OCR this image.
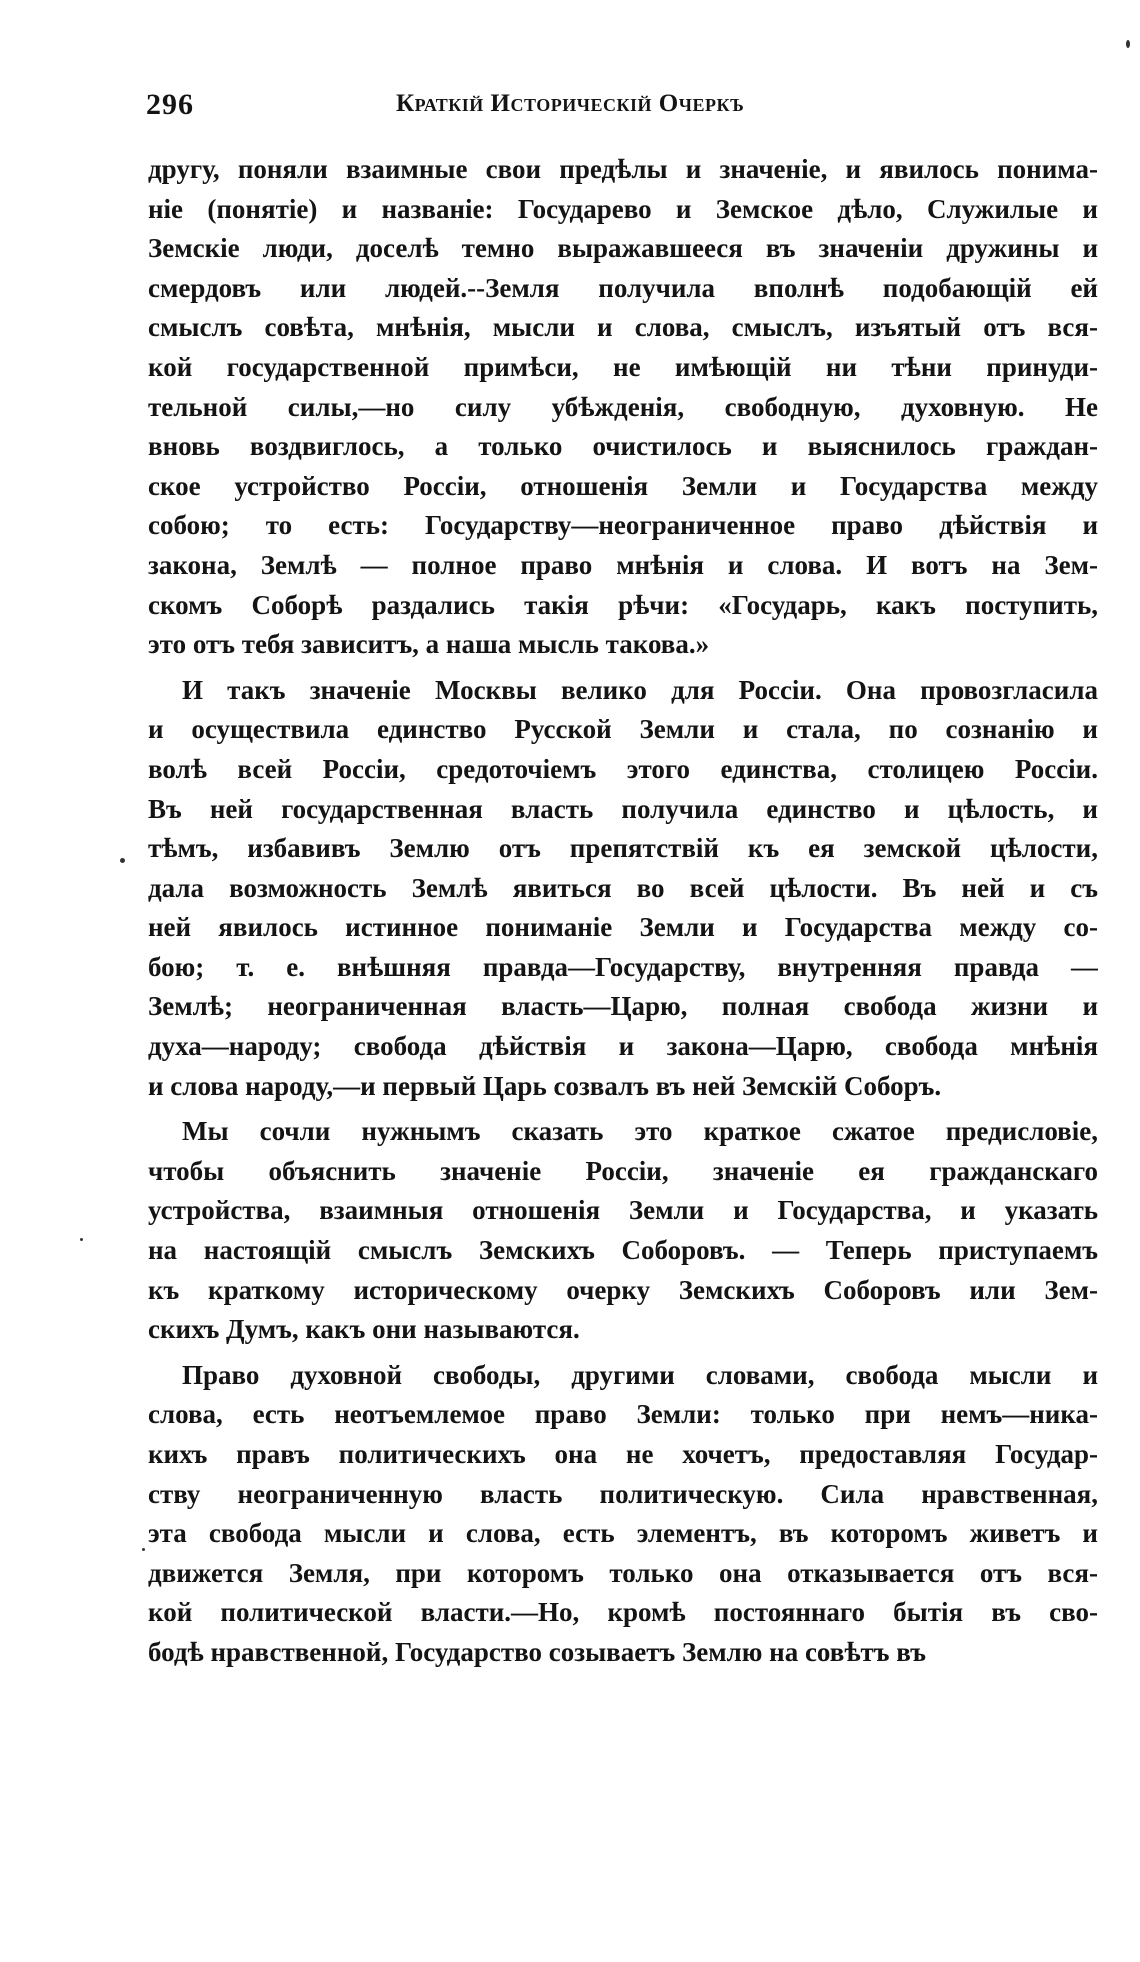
296	Краткій Историческій Очеркъ
другу, поняли взаимные свои предѣлы и значеніе, и явилось понима-
ніе (понятіе) и названіе: Государево и Земское дѣло, Служилые и
Земскіе люди, доселѣ темно выражавшееся въ значеніи дружины и
смердовъ или людей.--Земля получила вполнѣ подобающій ей
смыслъ совѣта, мнѣнія, мысли и слова, смыслъ, изъятый отъ вся-
кой государственной примѣси, не имѣющій ни тѣни принуди-
тельной силы,—но силу убѣжденія, свободную, духовную. Не
вновь воздвиглось, а только очистилось и выяснилось граждан-
ское устройство Россіи, отношенія Земли и Государства между
собою; то есть: Государству—неограниченное право дѣйствія и
закона, Землѣ — полное право мнѣнія и слова. И вотъ на Зем-
скомъ Соборѣ раздались такія рѣчи: «Государь, какъ поступить,
это отъ тебя зависитъ, а наша мысль такова.»
И такъ значеніе Москвы велико для Россіи. Она провозгласила
и осуществила единство Русской Земли и стала, по сознанію и
волѣ всей Россіи, средоточіемъ этого единства, столицею Россіи.
Въ ней государственная власть получила единство и цѣлость, и
тѣмъ, избавивъ Землю отъ препятствій къ ея земской цѣлости,
дала возможность Землѣ явиться во всей цѣлости. Въ ней и съ
ней явилось истинное пониманіе Земли и Государства между со-
бою; т. е. внѣшняя правда—Государству, внутренняя правда —
Землѣ; неограниченная власть—Царю, полная свобода жизни и
духа—народу; свобода дѣйствія и закона—Царю, свобода мнѣнія
и слова народу,—и первый Царь созвалъ въ ней Земскій Соборъ.
Мы сочли нужнымъ сказать это краткое сжатое предисловіе,
чтобы объяснить значеніе Россіи, значеніе ея гражданскаго
устройства, взаимныя отношенія Земли и Государства, и указать
на настоящій смыслъ Земскихъ Соборовъ. — Теперь приступаемъ
къ краткому историческому очерку Земскихъ Соборовъ или Зем-
скихъ Думъ, какъ они называются.
Право духовной свободы, другими словами, свобода мысли и
слова, есть неотъемлемое право Земли: только при немъ—ника-
кихъ правъ политическихъ она не хочетъ, предоставляя Государ-
ству неограниченную власть политическую. Сила нравственная,
эта свобода мысли и слова, есть элементъ, въ которомъ живетъ и
движется Земля, при которомъ только она отказывается отъ вся-
кой политической власти.—Но, кромѣ постояннаго бытія въ сво-
бодѣ нравственной, Государство созываетъ Землю на совѣтъ въ
